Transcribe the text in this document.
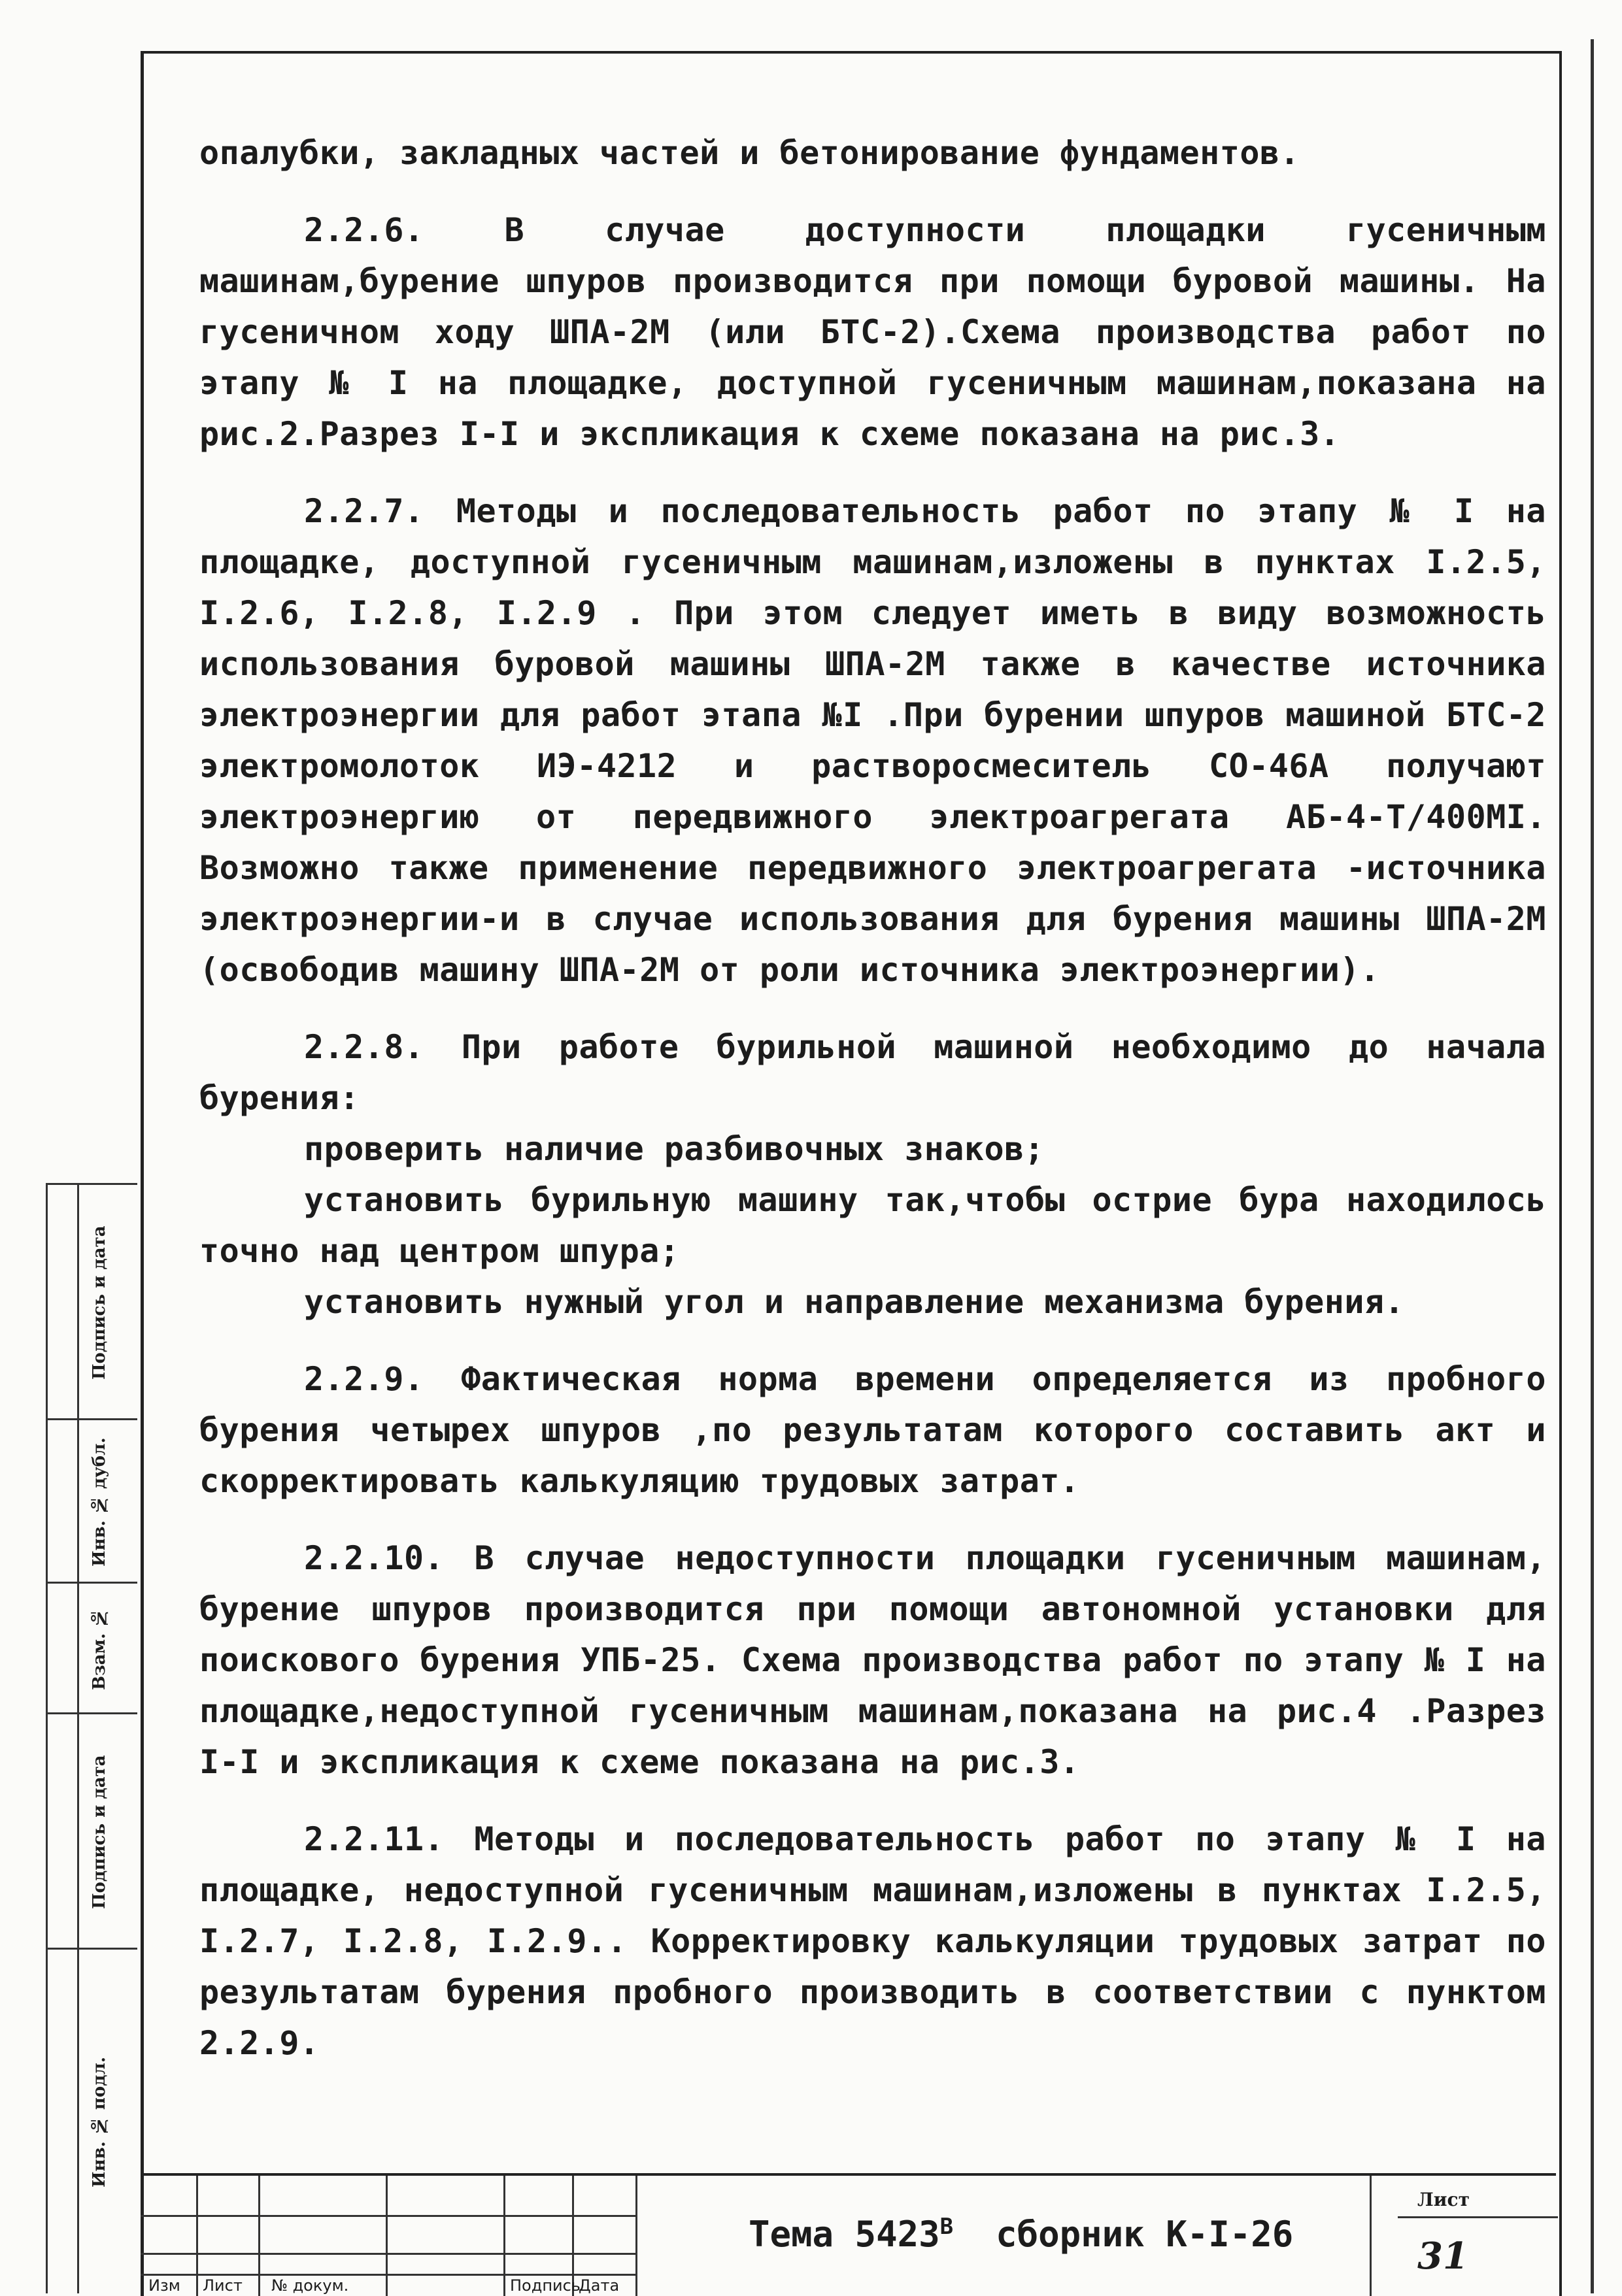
опалубки, закладных частей и бетонирование фундаментов.

2.2.6. В случае доступности площадки гусеничным машинам,бурение шпуров производится при помощи буровой машины. На гусеничном ходу ШПА-2М (или БТС-2).Схема производства работ по этапу № I на площадке, доступной гусеничным машинам,показана на рис.2.Разрез I-I и экспликация к схеме показана на рис.3.

2.2.7. Методы и последовательность работ по этапу № I на площадке, доступной гусеничным машинам,изложены в пунктах I.2.5, I.2.6, I.2.8, I.2.9 . При этом следует иметь в виду возможность использования буровой машины ШПА-2М также в качестве источника электроэнергии для работ этапа №I .При бурении шпуров машиной БТС-2 электромолоток ИЭ-4212 и растворосмеситель СО-46А получают электроэнергию от передвижного электроагрегата АБ-4-Т/400МI. Возможно также применение передвижного электроагрегата -источника электроэнергии-и в случае использования для бурения машины ШПА-2М (освободив машину ШПА-2М от роли источника электроэнергии).

2.2.8. При работе бурильной машиной необходимо до начала бурения:

проверить наличие разбивочных знаков;
установить бурильную машину так,чтобы острие бура находилось точно над центром шпура;
установить нужный угол и направление механизма бурения.

2.2.9. Фактическая норма времени определяется из пробного бурения четырех шпуров ,по результатам которого составить акт и скорректировать калькуляцию трудовых затрат.

2.2.10. В случае недоступности площадки гусеничным машинам, бурение шпуров производится при помощи автономной установки для поискового бурения УПБ-25. Схема производства работ по этапу № I на площадке,недоступной гусеничным машинам,показана на рис.4 .Разрез I-I и экспликация к схеме показана на рис.3.

2.2.11. Методы и последовательность работ по этапу № I на площадке, недоступной гусеничным машинам,изложены в пунктах I.2.5, I.2.7, I.2.8, I.2.9.. Корректировку калькуляции трудовых затрат по результатам бурения пробного производить в соответствии с пунктом 2.2.9.

Подпись и дата
Инв. № дубл.
Взам. №
Подпись и дата
Инв. № подл.
Изм Лист № докум.	Подпись
Дата
Тема $5423^В$  сборник К-I-26
Лист
31
